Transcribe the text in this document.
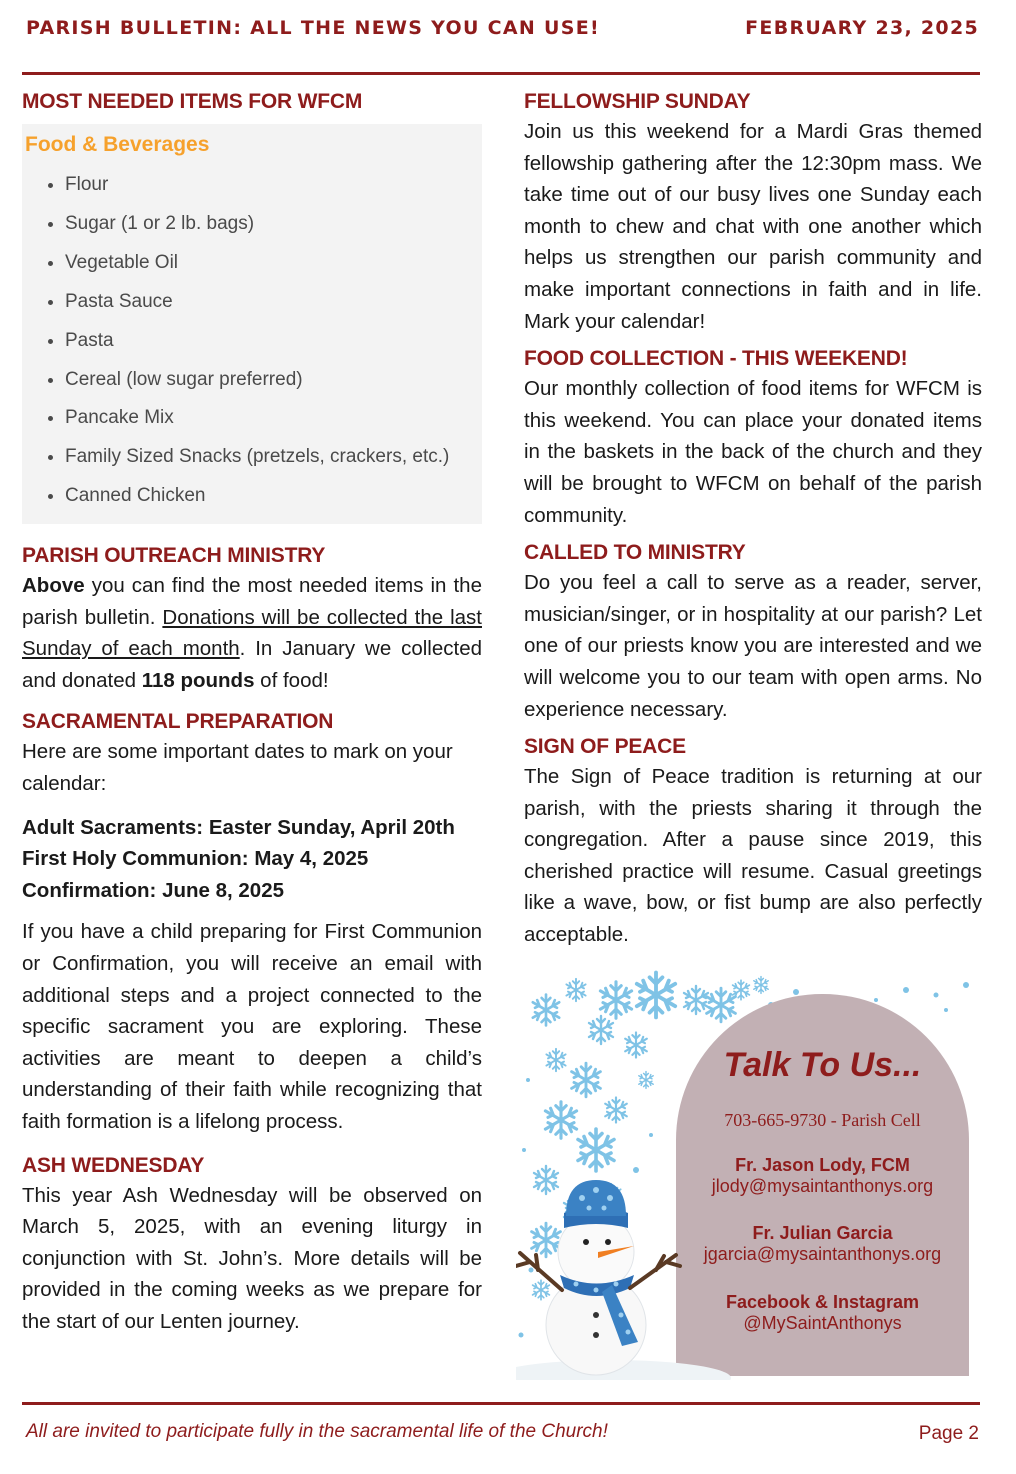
PARISH BULLETIN: ALL THE NEWS YOU CAN USE!	FEBRUARY 23, 2025
MOST NEEDED ITEMS FOR WFCM
Food & Beverages
• Flour
• Sugar (1 or 2 lb. bags)
• Vegetable Oil
• Pasta Sauce
• Pasta
• Cereal (low sugar preferred)
• Pancake Mix
• Family Sized Snacks (pretzels, crackers, etc.)
• Canned Chicken
PARISH OUTREACH MINISTRY

Above you can find the most needed items in the parish bulletin. Donations will be collected the last Sunday of each month. In January we collected and donated 118 pounds of food!

SACRAMENTAL PREPARATION

Here are some important dates to mark on your calendar:

Adult Sacraments: Easter Sunday, April 20th
First Holy Communion: May 4, 2025
Confirmation: June 8, 2025

If you have a child preparing for First Communion or Confirmation, you will receive an email with additional steps and a project connected to the specific sacrament you are exploring. These activities are meant to deepen a child’s understanding of their faith while recognizing that faith formation is a lifelong process.

ASH WEDNESDAY

This year Ash Wednesday will be observed on March 5, 2025, with an evening liturgy in conjunction with St. John’s. More details will be provided in the coming weeks as we prepare for the start of our Lenten journey.

FELLOWSHIP SUNDAY

Join us this weekend for a Mardi Gras themed fellowship gathering after the 12:30pm mass. We take time out of our busy lives one Sunday each month to chew and chat with one another which helps us strengthen our parish community and make important connections in faith and in life. Mark your calendar!

FOOD COLLECTION - THIS WEEKEND!

Our monthly collection of food items for WFCM is this weekend. You can place your donated items in the baskets in the back of the church and they will be brought to WFCM on behalf of the parish community.

CALLED TO MINISTRY

Do you feel a call to serve as a reader, server, musician/singer, or in hospitality at our parish? Let one of our priests know you are interested and we will welcome you to our team with open arms. No experience necessary.

SIGN OF PEACE

The Sign of Peace tradition is returning at our parish, with the priests sharing it through the congregation. After a pause since 2019, this cherished practice will resume. Casual greetings like a wave, bow, or fist bump are also perfectly acceptable.

Talk To Us...
703-665-9730 - Parish Cell
Fr. Jason Lody, FCM
jlody@mysaintanthonys.org
Fr. Julian Garcia
jgarcia@mysaintanthonys.org
Facebook & Instagram
@MySaintAnthonys
All are invited to participate fully in the sacramental life of the Church!	Page 2
